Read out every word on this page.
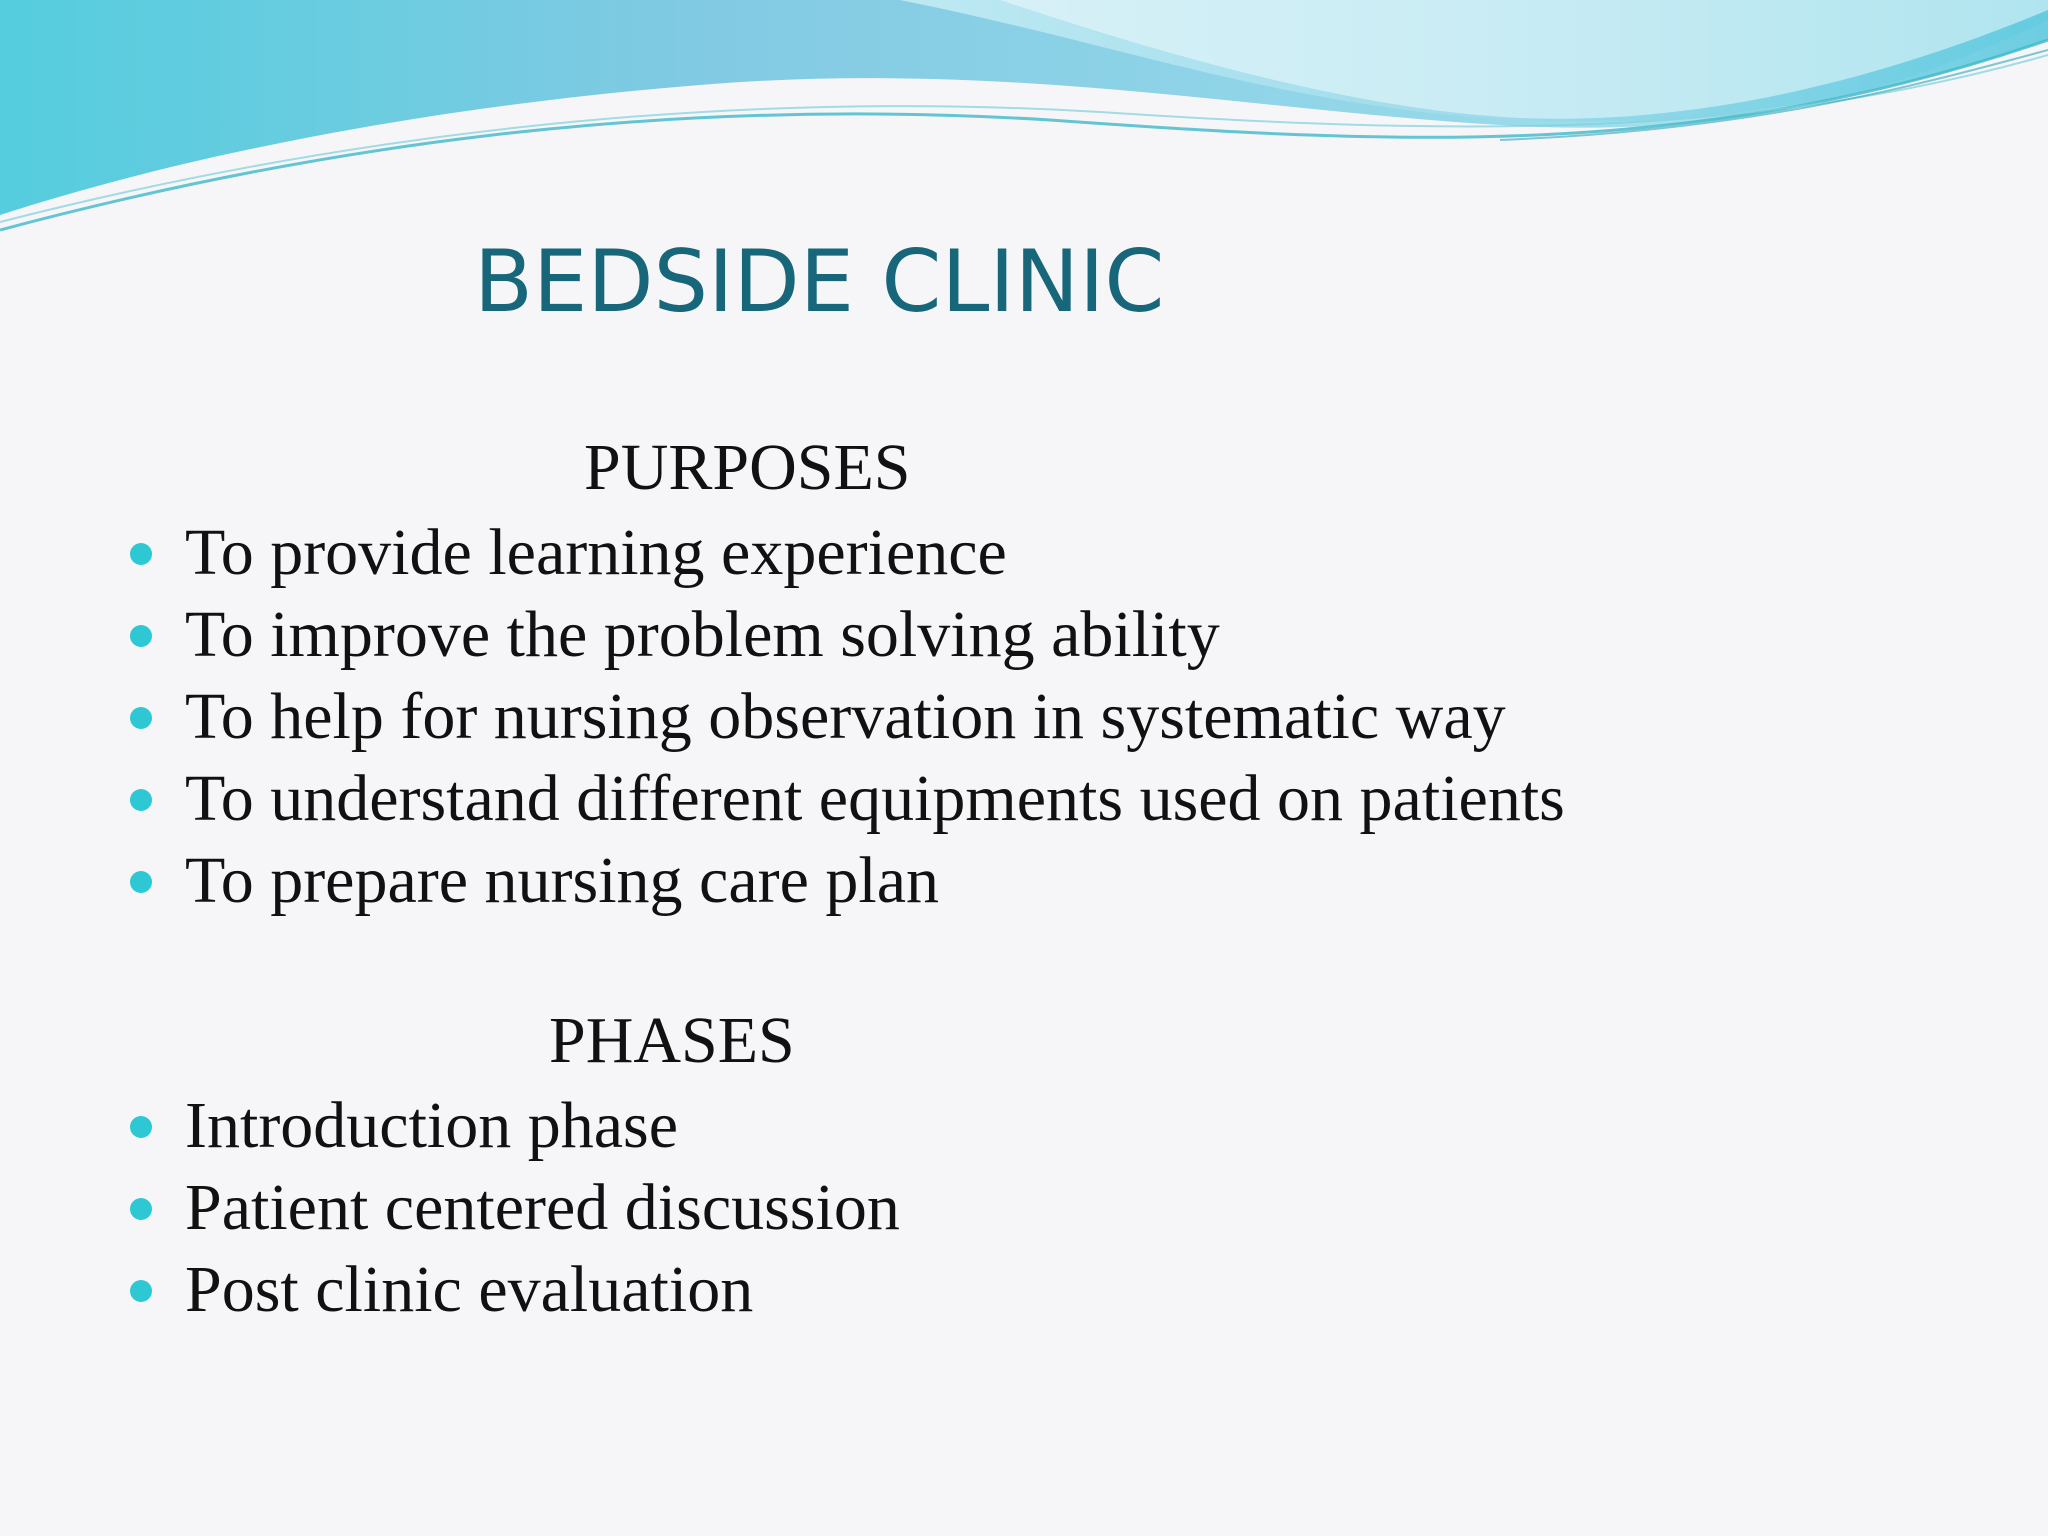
BEDSIDE CLINIC
PURPOSES
To provide learning experience
To improve the problem solving ability
To help for nursing observation in systematic way
To understand different equipments used on patients
To prepare nursing care plan
PHASES
Introduction phase
Patient centered discussion
Post clinic evaluation
